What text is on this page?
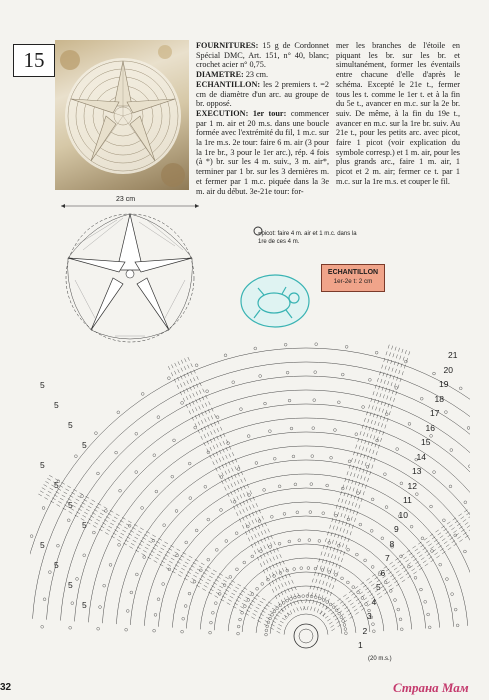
15
FOURNITURES: 15 g de Cordonnet Spécial DMC, Art. 151, n° 40, blanc; crochet acier n° 0,75.
DIAMETRE: 23 cm.
ECHANTILLON: les 2 premiers t. =2 cm de diamètre d'un arc. au groupe de br. opposé.
EXECUTION: 1er tour: commencer par 1 m. air et 20 m.s. dans une boucle formée avec l'extrémité du fil, 1 m.c. sur la 1re m.s. 2e tour: faire 6 m. air (3 pour la 1re br., 3 pour le 1er arc.), rép. 4 fois (à *) br. sur les 4 m. suiv., 3 m. air*, terminer par 1 br. sur les 3 dernières m. et fermer par 1 m.c. piquée dans la 3e m. air du début. 3e-21e tour: for-
mer les branches de l'étoile en piquant les br. sur les br. et simultanément, former les éventails entre chacune d'elle d'après le schéma. Excepté le 21e t., fermer tous les t. comme le 1er t. et à la fin du 5e t., avancer en m.c. sur la 2e br. suiv. De même, à la fin du 19e t., avancer en m.c. sur la 1re br. suiv. Au 21e t., pour les petits arc. avec picot, faire 1 picot (voir explication du symbole corresp.) et 1 m. air, pour les plus grands arc., faire 1 m. air, 1 picot et 2 m. air; fermer ce t. par 1 m.c. sur la 1re m.s. et couper le fil.
23 cm
=picot: faire 4 m. air et 1 m.c. dans la 1re de ces 4 m.
ECHANTILLON
1er-2e t: 2 cm
21
20
19
18
17
16
15
14
13
12
11
10
9
8
7
6
5
4
3
2
1
5
5
5
5
5
5
5
5
5
5
5
5
(20 m.s.)
32	Страна Мам
